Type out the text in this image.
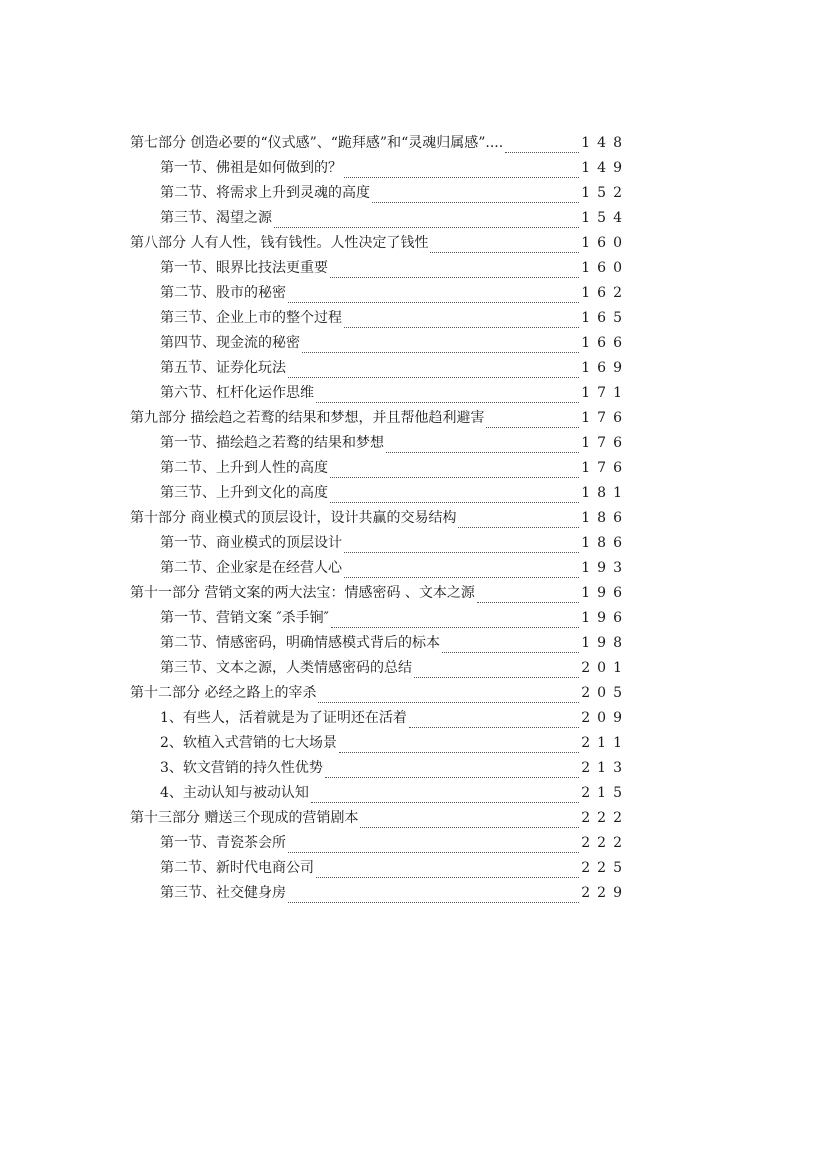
第七部分 创造必要的“仪式感”、“跪拜感”和“灵魂归属感”....	148
第一节、佛祖是如何做到的？	149
第二节、将需求上升到灵魂的高度	152
第三节、渴望之源	154
第八部分 人有人性，钱有钱性。人性决定了钱性	160
第一节、眼界比技法更重要	160
第二节、股市的秘密	162
第三节、企业上市的整个过程	165
第四节、现金流的秘密	166
第五节、证券化玩法	169
第六节、杠杆化运作思维	171
第九部分 描绘趋之若鹜的结果和梦想，并且帮他趋利避害	176
第一节、描绘趋之若鹜的结果和梦想	176
第二节、上升到人性的高度	176
第三节、上升到文化的高度	181
第十部分 商业模式的顶层设计，设计共赢的交易结构	186
第一节、商业模式的顶层设计	186
第二节、企业家是在经营人心	193
第十一部分 营销文案的两大法宝：情感密码 、文本之源	196
第一节、营销文案 ″杀手锏″	196
第二节、情感密码，明确情感模式背后的标本	198
第三节、文本之源，人类情感密码的总结	201
第十二部分 必经之路上的宰杀	205
1、有些人，活着就是为了证明还在活着	209
2、软植入式营销的七大场景	211
3、软文营销的持久性优势	213
4、主动认知与被动认知	215
第十三部分 赠送三个现成的营销剧本	222
第一节、青瓷茶会所	222
第二节、新时代电商公司	225
第三节、社交健身房	229
